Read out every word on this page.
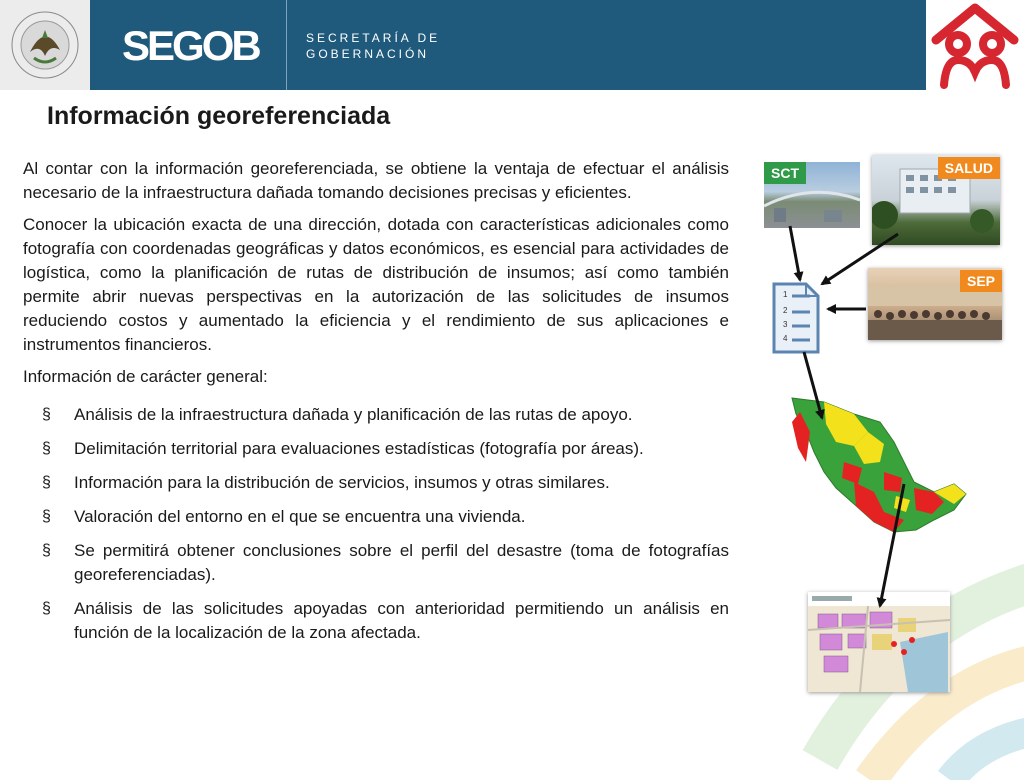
SEGOB	SECRETARÍA DE
GOBERNACIÓN
Información georeferenciada

Al contar con la información georeferenciada, se obtiene la ventaja de efectuar el análisis necesario de la infraestructura dañada tomando decisiones precisas y eficientes.

Conocer la ubicación exacta de una dirección, dotada con características adicionales como fotografía con coordenadas geográficas y datos económicos, es esencial para actividades de logística, como la planificación de rutas de distribución de insumos; así como también permite abrir nuevas perspectivas en la autorización de las solicitudes de insumos reduciendo costos y aumentado la eficiencia y el rendimiento de sus aplicaciones e instrumentos financieros.

Información de carácter general:

§ Análisis de la infraestructura dañada y planificación de las rutas de apoyo.
§ Delimitación territorial para evaluaciones estadísticas (fotografía por áreas).
§ Información para la distribución de servicios, insumos y otras similares.
§ Valoración del entorno en el que se encuentra una vivienda.
§ Se permitirá obtener conclusiones sobre el perfil del desastre (toma de fotografías georeferenciadas).
§ Análisis de las solicitudes apoyadas con anterioridad permitiendo un análisis en función de la localización de la zona afectada.
SCT	SALUD
SEP
1
2
3
4
